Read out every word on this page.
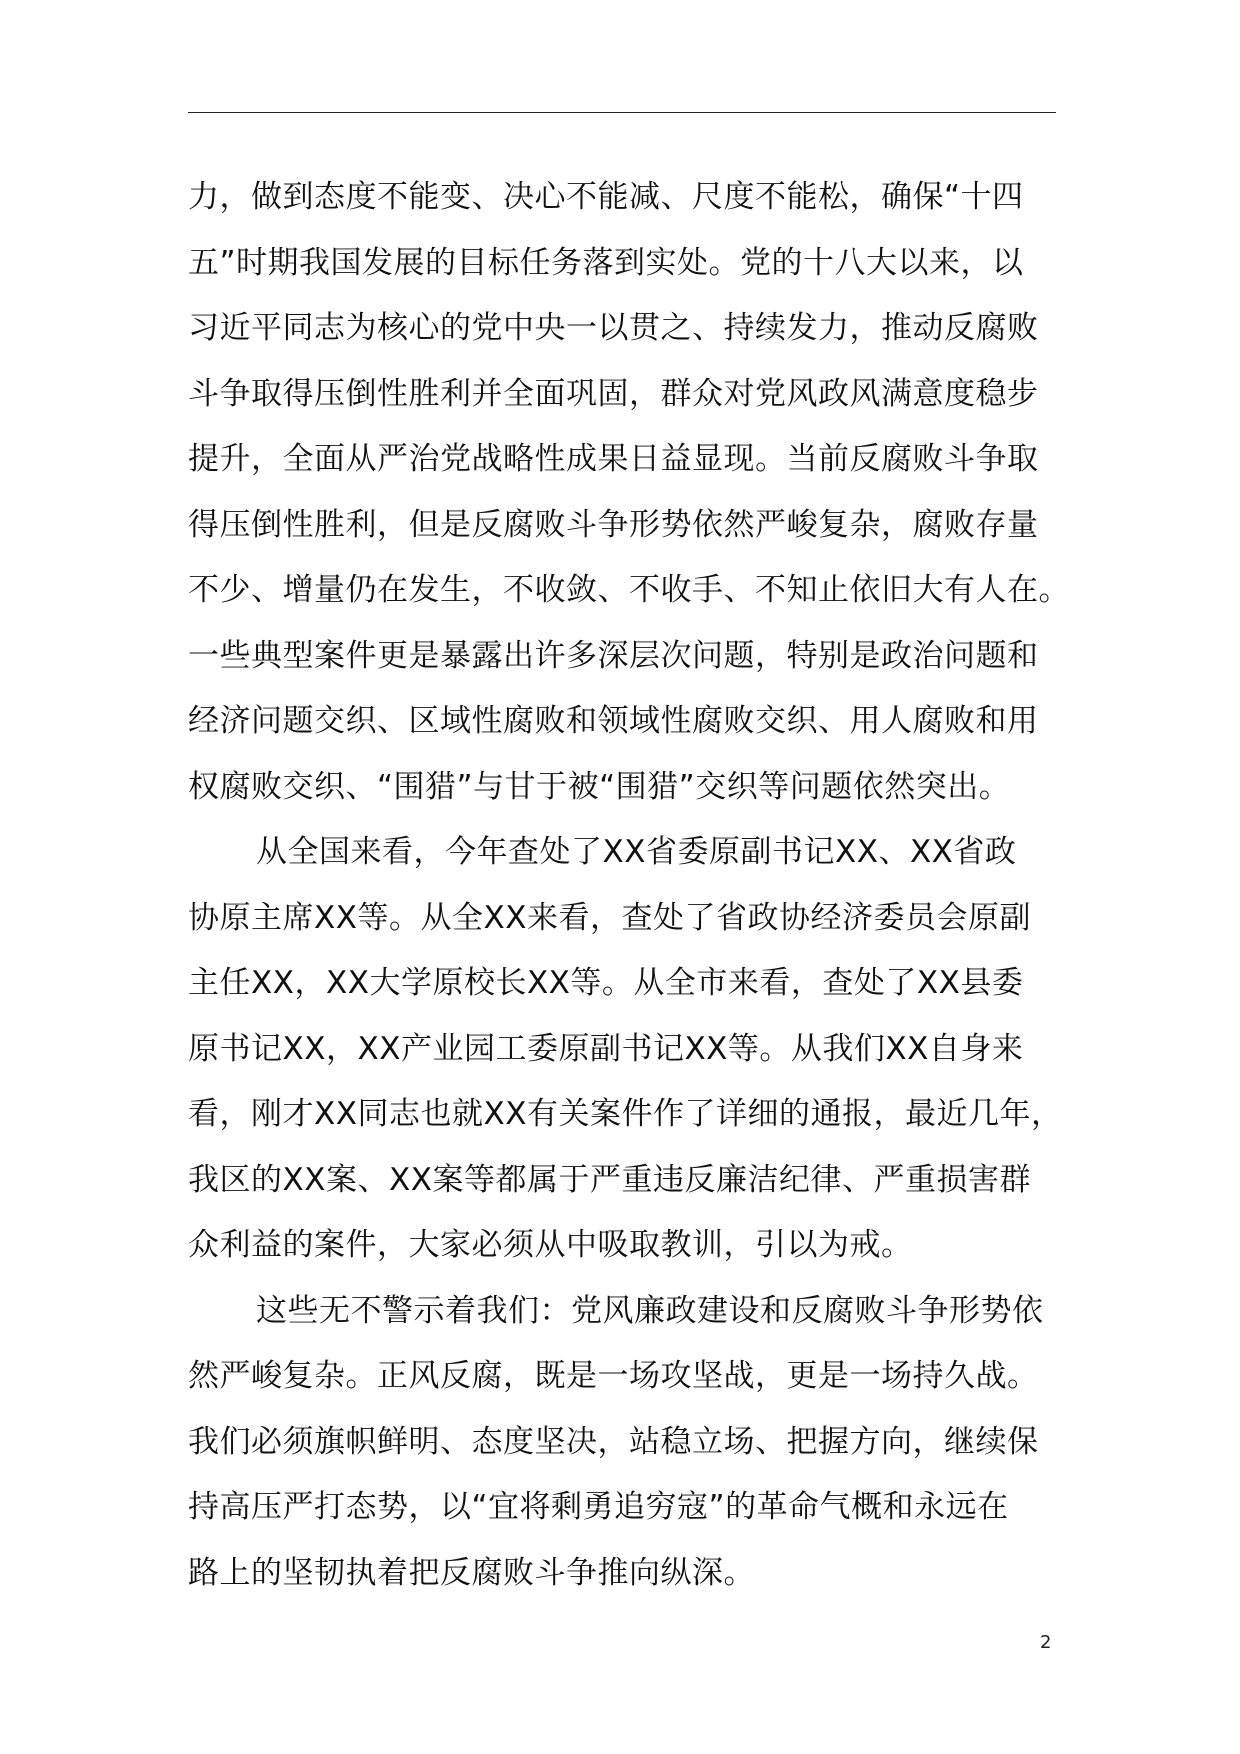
力，做到态度不能变、决心不能减、尺度不能松，确保“十四
五”时期我国发展的目标任务落到实处。党的十八大以来，以
习近平同志为核心的党中央一以贯之、持续发力，推动反腐败
斗争取得压倒性胜利并全面巩固，群众对党风政风满意度稳步
提升，全面从严治党战略性成果日益显现。当前反腐败斗争取
得压倒性胜利，但是反腐败斗争形势依然严峻复杂，腐败存量
不少、增量仍在发生，不收敛、不收手、不知止依旧大有人在。
一些典型案件更是暴露出许多深层次问题，特别是政治问题和
经济问题交织、区域性腐败和领域性腐败交织、用人腐败和用
权腐败交织、“围猎”与甘于被“围猎”交织等问题依然突出。
从全国来看，今年查处了XX省委原副书记XX、XX省政
协原主席XX等。从全XX来看，查处了省政协经济委员会原副
主任XX，XX大学原校长XX等。从全市来看，查处了XX县委
原书记XX，XX产业园工委原副书记XX等。从我们XX自身来
看，刚才XX同志也就XX有关案件作了详细的通报，最近几年，
我区的XX案、XX案等都属于严重违反廉洁纪律、严重损害群
众利益的案件，大家必须从中吸取教训，引以为戒。
这些无不警示着我们：党风廉政建设和反腐败斗争形势依
然严峻复杂。正风反腐，既是一场攻坚战，更是一场持久战。
我们必须旗帜鲜明、态度坚决，站稳立场、把握方向，继续保
持高压严打态势，以“宜将剩勇追穷寇”的革命气概和永远在
路上的坚韧执着把反腐败斗争推向纵深。
2
